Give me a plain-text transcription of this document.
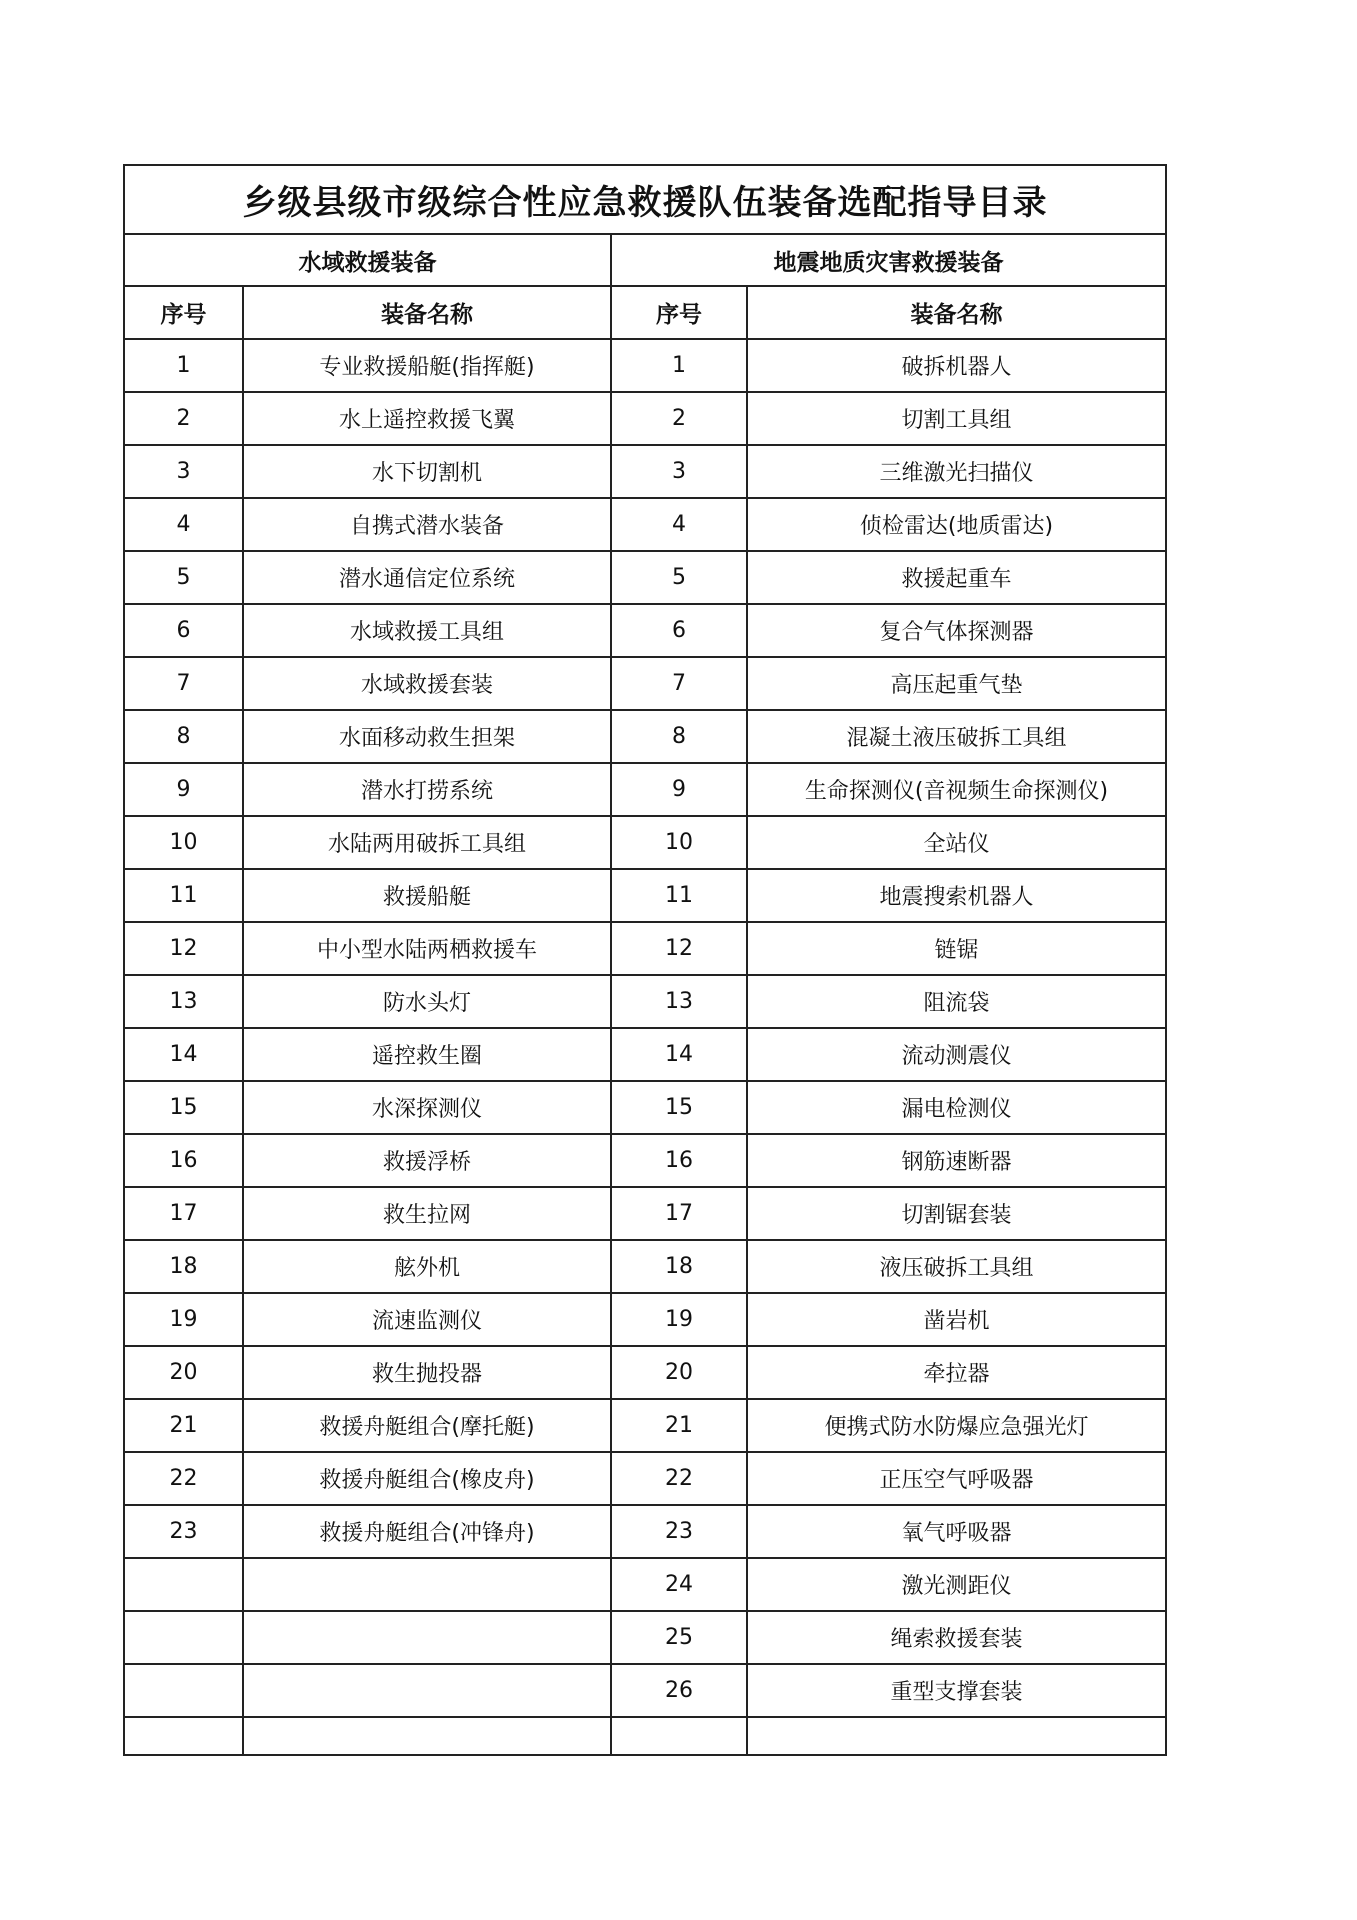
乡级县级市级综合性应急救援队伍装备选配指导目录			
水域救援装备		地震地质灾害救援装备	
序号	装备名称	序号	装备名称
1	专业救援船艇(指挥艇)	1	破拆机器人
2	水上遥控救援飞翼	2	切割工具组
3	水下切割机	3	三维激光扫描仪
4	自携式潜水装备	4	侦检雷达(地质雷达)
5	潜水通信定位系统	5	救援起重车
6	水域救援工具组	6	复合气体探测器
7	水域救援套装	7	高压起重气垫
8	水面移动救生担架	8	混凝土液压破拆工具组
9	潜水打捞系统	9	生命探测仪(音视频生命探测仪)
10	水陆两用破拆工具组	10	全站仪
11	救援船艇	11	地震搜索机器人
12	中小型水陆两栖救援车	12	链锯
13	防水头灯	13	阻流袋
14	遥控救生圈	14	流动测震仪
15	水深探测仪	15	漏电检测仪
16	救援浮桥	16	钢筋速断器
17	救生拉网	17	切割锯套装
18	舷外机	18	液压破拆工具组
19	流速监测仪	19	凿岩机
20	救生抛投器	20	牵拉器
21	救援舟艇组合(摩托艇)	21	便携式防水防爆应急强光灯
22	救援舟艇组合(橡皮舟)	22	正压空气呼吸器
23	救援舟艇组合(冲锋舟)	23	氧气呼吸器
		24	激光测距仪
		25	绳索救援套装
		26	重型支撑套装
